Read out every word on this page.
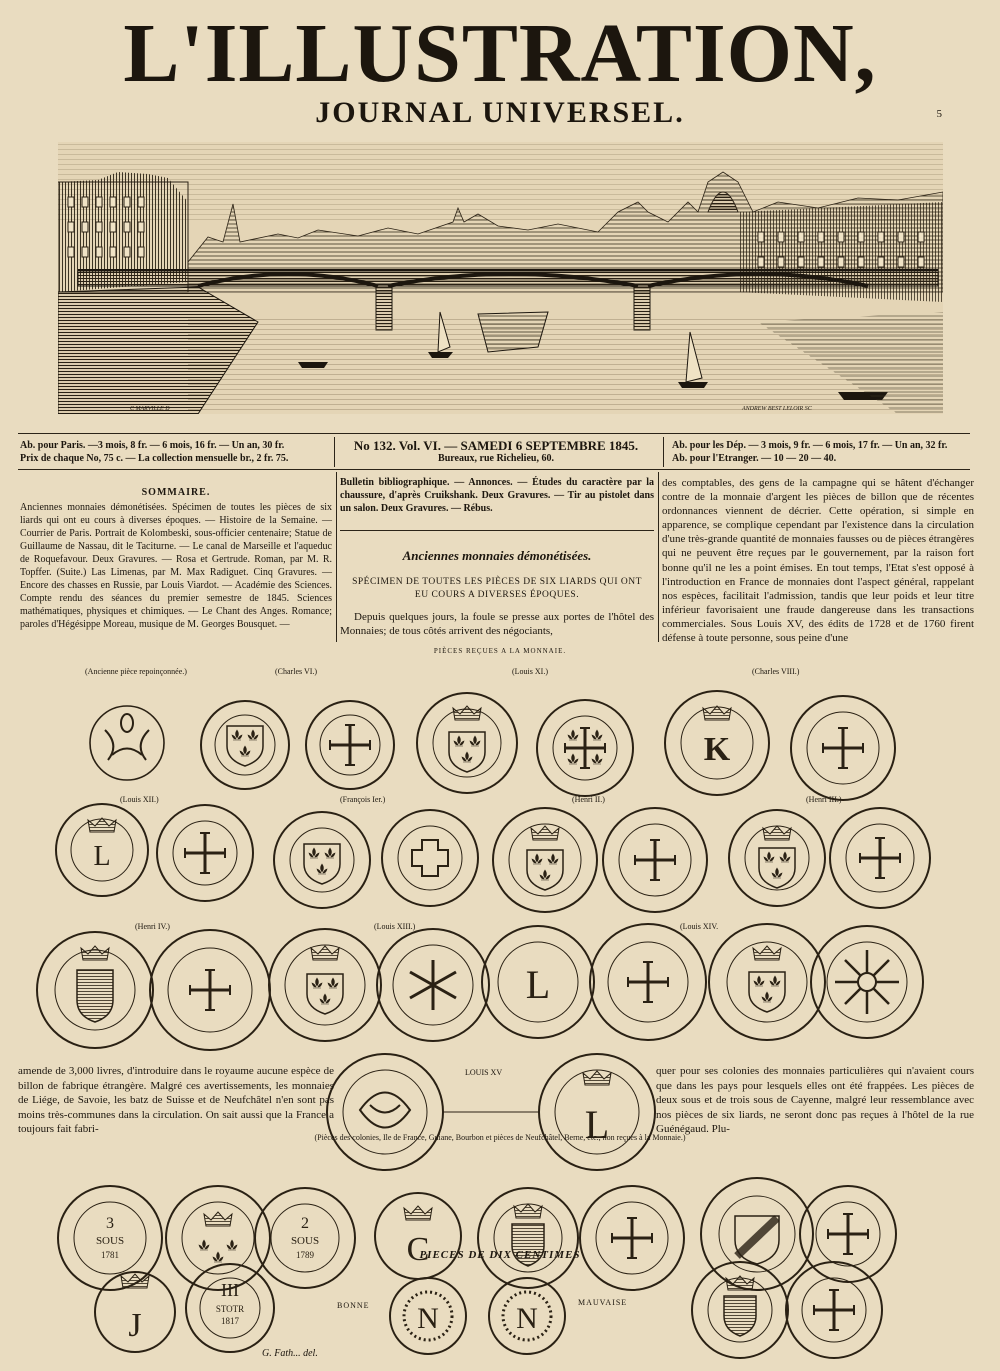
L'ILLUSTRATION,
JOURNAL UNIVERSEL.	5
C MARVILLE D	ANDREW BEST LELOIR SC
Ab. pour Paris. —3 mois, 8 fr. — 6 mois, 16 fr. — Un an, 30 fr.
Prix de chaque No, 75 c. — La collection mensuelle br., 2 fr. 75.
No 132. Vol. VI. — SAMEDI 6 SEPTEMBRE 1845.
Bureaux, rue Richelieu, 60.
Ab. pour les Dép. — 3 mois, 9 fr. — 6 mois, 17 fr. — Un an, 32 fr.
Ab. pour l'Etranger. — 10 — 20 — 40.
SOMMAIRE.

Anciennes monnaies démonétisées. Spécimen de toutes les pièces de six liards qui ont eu cours à diverses époques. — Histoire de la Semaine. — Courrier de Paris. Portrait de Kolombeski, sous-officier centenaire; Statue de Guillaume de Nassau, dit le Taciturne. — Le canal de Marseille et l'aqueduc de Roquefavour. Deux Gravures. — Rosa et Gertrude. Roman, par M. R. Topffer. (Suite.) Las Limenas, par M. Max Radiguet. Cinq Gravures. — Encore des chasses en Russie, par Louis Viardot. — Académie des Sciences. Compte rendu des séances du premier semestre de 1845. Sciences mathématiques, physiques et chimiques. — Le Chant des Anges. Romance; paroles d'Hégésippe Moreau, musique de M. Georges Bousquet. —

Bulletin bibliographique. — Annonces. — Études du caractère par la chaussure, d'après Cruikshank. Deux Gravures. — Tir au pistolet dans un salon. Deux Gravures. — Rébus.

Anciennes monnaies démonétisées.
SPÉCIMEN DE TOUTES LES PIÈCES DE SIX LIARDS QUI ONT EU COURS A DIVERSES ÉPOQUES.
Depuis quelques jours, la foule se presse aux portes de l'hôtel des Monnaies; de tous côtés arrivent des négociants,
des comptables, des gens de la campagne qui se hâtent d'échanger contre de la monnaie d'argent les pièces de billon que de récentes ordonnances viennent de décrier. Cette opération, si simple en apparence, se complique cependant par l'existence dans la circulation d'une très-grande quantité de monnaies fausses ou de pièces étrangères qui ne peuvent être reçues par le gouvernement, par la raison fort bonne qu'il ne les a point émises. En tout temps, l'Etat s'est opposé à l'introduction en France de monnaies dont l'aspect général, rappelant nos espèces, facilitait l'admission, tandis que leur poids et leur titre inférieur favorisaient une fraude dangereuse dans les transactions commerciales. Sous Louis XV, des édits de 1728 et de 1760 firent défense à toute personne, sous peine d'une
PIÈCES REÇUES A LA MONNAIE.
(Ancienne pièce repoinçonnée.)	(Charles VI.)	(Louis XI.)	(Charles VIII.)
(Louis XII.)	(François Ier.)	(Henri II.)	(Henri III.)
(Henri IV.)	(Louis XIII.)	(Louis XIV.
LOUIS XV
K
L
L
L
3
SOUS
1781
2
SOUS
1789	C
J
III
STOTR
1817	N	N
amende de 3,000 livres, d'introduire dans le royaume aucune espèce de billon de fabrique étrangère. Malgré ces avertissements, les monnaies de Liége, de Savoie, les batz de Suisse et de Neufchâtel n'en sont pas moins très-communes dans la circulation. On sait aussi que la France a toujours fait fabri-
quer pour ses colonies des monnaies particulières qui n'avaient cours que dans les pays pour lesquels elles ont été frappées. Les pièces de deux sous et de trois sous de Cayenne, malgré leur ressemblance avec nos pièces de six liards, ne seront donc pas reçues à l'hôtel de la rue Guénégaud. Plu-
(Pièces des colonies, Ile de France, Guiane, Bourbon et pièces de Neufchâtel, Berne, etc., non reçues à la Monnaie.)
PIECES DE DIX CENTIMES
BONNE	MAUVAISE
G. Fath... del.
